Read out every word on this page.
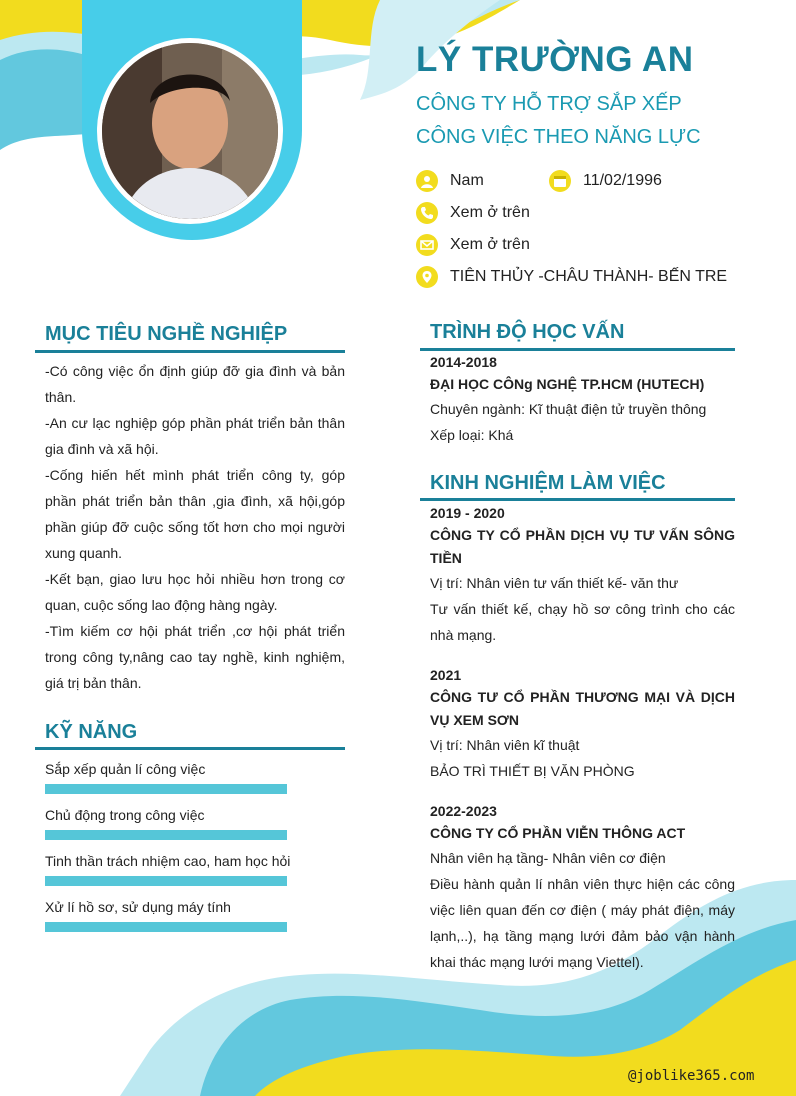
LÝ TRƯỜNG AN
CÔNG TY HỖ TRỢ SẮP XẾP CÔNG VIỆC THEO NĂNG LỰC
Nam	11/02/1996
Xem ở trên
Xem ở trên
TIÊN THỦY -CHÂU THÀNH- BẾN TRE
MỤC TIÊU NGHỀ NGHIỆP

-Có công việc ổn định giúp đỡ gia đình và bản thân.

-An cư lạc nghiệp góp phần phát triển bản thân gia đình và xã hội.

-Cống hiến hết mình phát triển công ty, góp phần phát triển bản thân ,gia đình, xã hội,góp phần giúp đỡ cuộc sống tốt hơn cho mọi người xung quanh.

-Kết bạn, giao lưu học hỏi nhiều hơn trong cơ quan, cuộc sống lao động hàng ngày.

-Tìm kiếm cơ hội phát triển ,cơ hội phát triển trong công ty,nâng cao tay nghề, kinh nghiệm, giá trị bản thân.

KỸ NĂNG
Sắp xếp quản lí công việc
Chủ động trong công việc
Tinh thần trách nhiệm cao, ham học hỏi
Xử lí hồ sơ, sử dụng máy tính
TRÌNH ĐỘ HỌC VẤN
2014-2018
ĐẠI HỌC CÔNg NGHỆ TP.HCM (HUTECH)
Chuyên ngành: Kĩ thuật điện tử truyền thông
Xếp loại: Khá
KINH NGHIỆM LÀM VIỆC
2019 - 2020
CÔNG TY CỔ PHẦN DỊCH VỤ TƯ VẤN SÔNG TIỀN
Vị trí: Nhân viên tư vấn thiết kế- văn thư
Tư vấn thiết kế, chạy hồ sơ công trình cho các nhà mạng.
2021
CÔNG TƯ CỔ PHẦN THƯƠNG MẠI VÀ DỊCH VỤ XEM SƠN
Vị trí: Nhân viên kĩ thuật
BẢO TRÌ THIẾT BỊ VĂN PHÒNG
2022-2023
CÔNG TY CỔ PHẦN VIỄN THÔNG ACT
Nhân viên hạ tầng- Nhân viên cơ điện
Điều hành quản lí nhân viên thực hiện các công việc liên quan đến cơ điện ( máy phát điện, máy lạnh,..), hạ tầng mạng lưới đảm bảo vận hành khai thác mạng lưới mạng Viettel).
@joblike365.com
